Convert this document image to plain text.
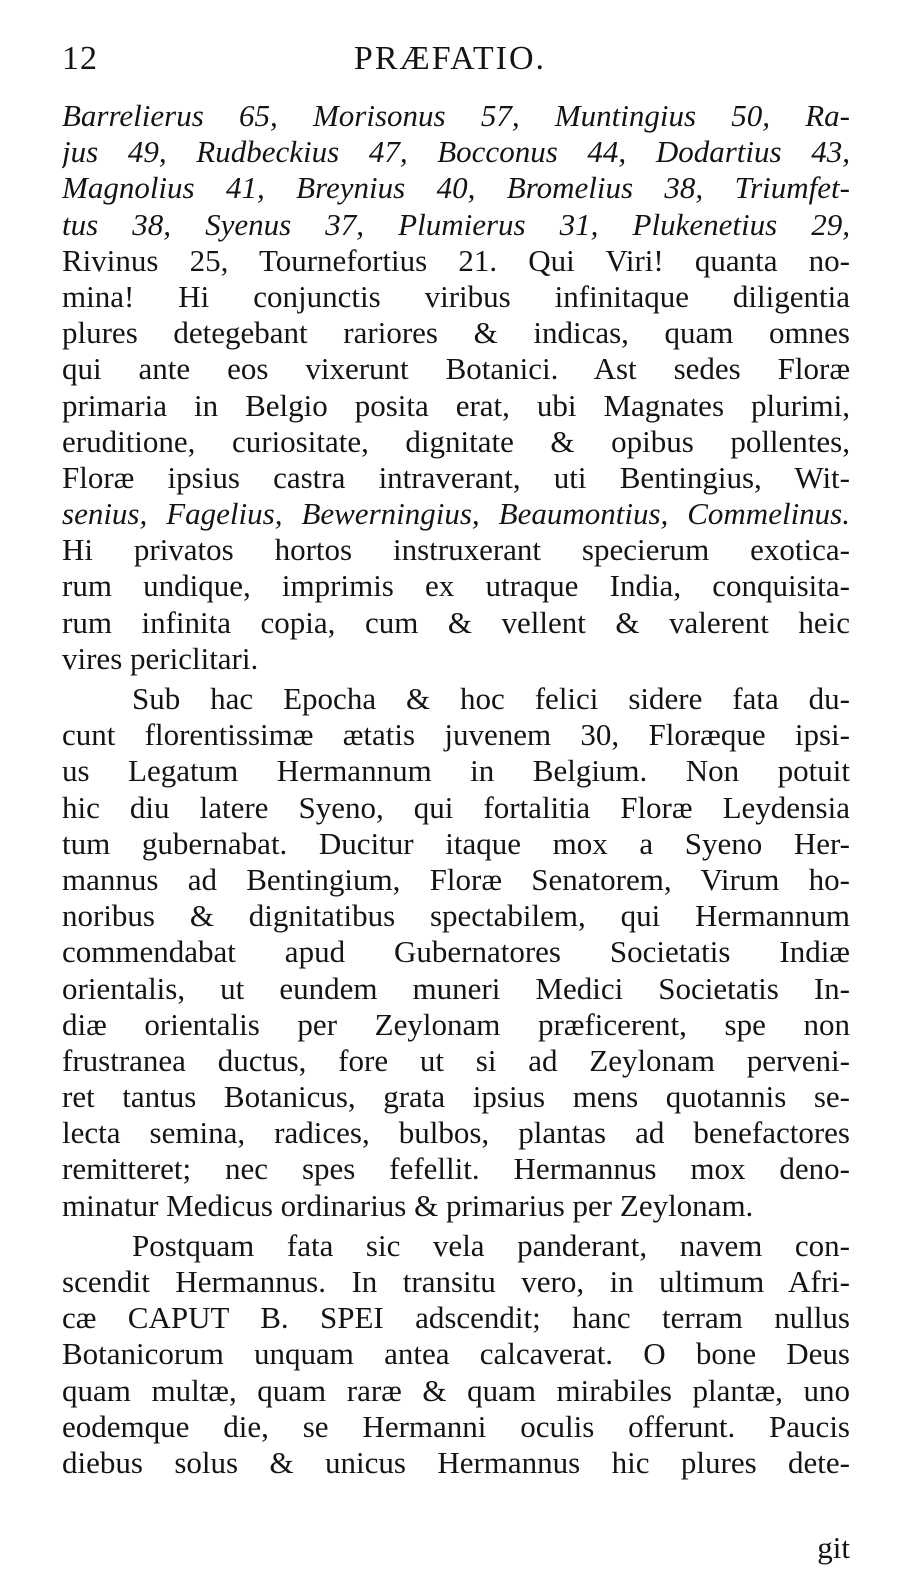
12	PRÆFATIO.
Barrelierus 65, Morisonus 57, Muntingius 50, Ra-
jus 49, Rudbeckius 47, Bocconus 44, Dodartius 43,
Magnolius 41, Breynius 40, Bromelius 38, Triumfet-
tus 38, Syenus 37, Plumierus 31, Plukenetius 29,
Rivinus 25, Tournefortius 21. Qui Viri! quanta no-
mina! Hi conjunctis viribus infinitaque diligentia
plures detegebant rariores & indicas, quam omnes
qui ante eos vixerunt Botanici. Ast sedes Floræ
primaria in Belgio posita erat, ubi Magnates plurimi,
eruditione, curiositate, dignitate & opibus pollentes,
Floræ ipsius castra intraverant, uti Bentingius, Wit-
senius, Fagelius, Bewerningius, Beaumontius, Commelinus.
Hi privatos hortos instruxerant specierum exotica-
rum undique, imprimis ex utraque India, conquisita-
rum infinita copia, cum & vellent & valerent heic
vires periclitari.
Sub hac Epocha & hoc felici sidere fata du-
cunt florentissimæ ætatis juvenem 30, Floræque ipsi-
us Legatum Hermannum in Belgium. Non potuit
hic diu latere Syeno, qui fortalitia Floræ Leydensia
tum gubernabat. Ducitur itaque mox a Syeno Her-
mannus ad Bentingium, Floræ Senatorem, Virum ho-
noribus & dignitatibus spectabilem, qui Hermannum
commendabat apud Gubernatores Societatis Indiæ
orientalis, ut eundem muneri Medici Societatis In-
diæ orientalis per Zeylonam præficerent, spe non
frustranea ductus, fore ut si ad Zeylonam perveni-
ret tantus Botanicus, grata ipsius mens quotannis se-
lecta semina, radices, bulbos, plantas ad benefactores
remitteret; nec spes fefellit. Hermannus mox deno-
minatur Medicus ordinarius & primarius per Zeylonam.
Postquam fata sic vela panderant, navem con-
scendit Hermannus. In transitu vero, in ultimum Afri-
cæ CAPUT B. SPEI adscendit; hanc terram nullus
Botanicorum unquam antea calcaverat. O bone Deus
quam multæ, quam raræ & quam mirabiles plantæ, uno
eodemque die, se Hermanni oculis offerunt. Paucis
diebus solus & unicus Hermannus hic plures dete-
git
